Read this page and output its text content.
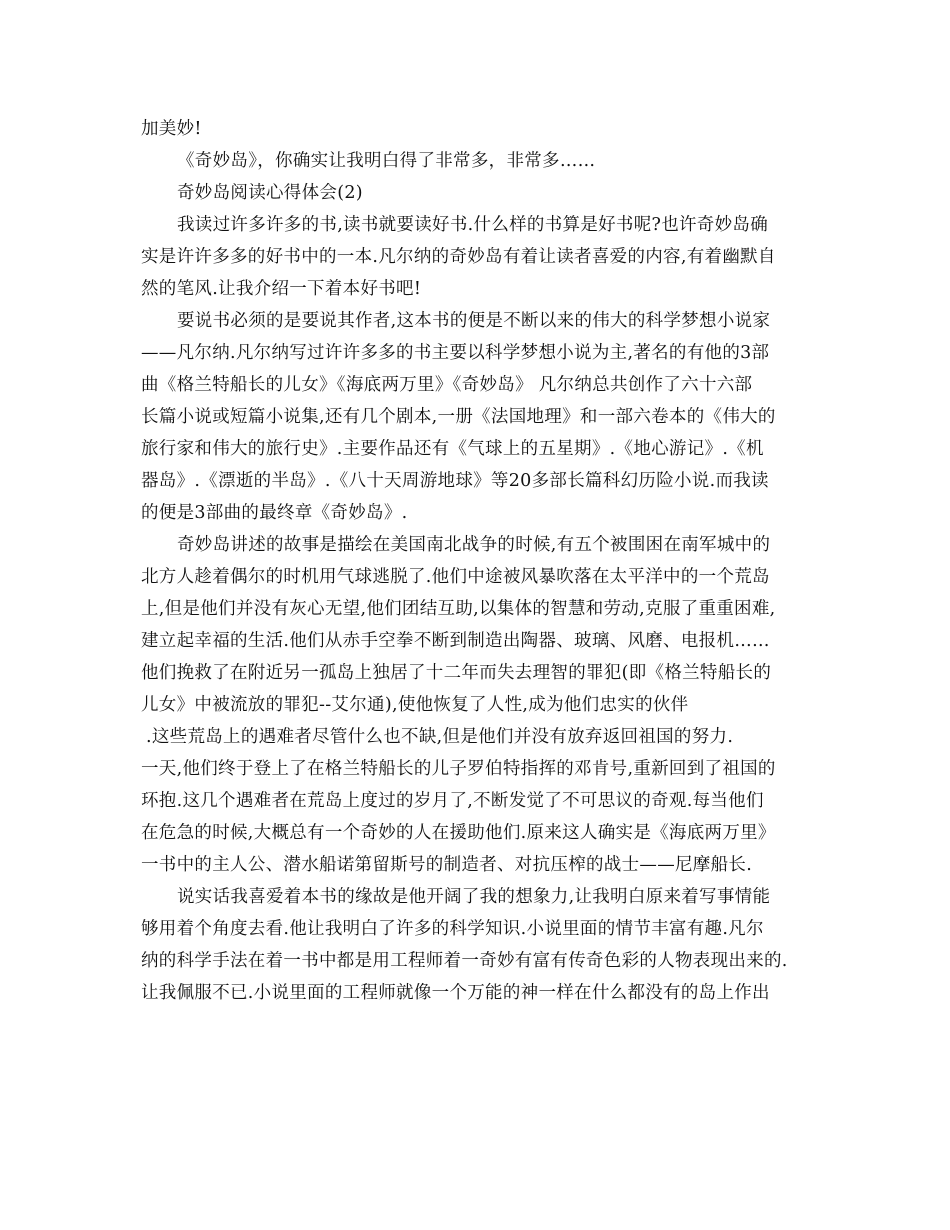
加美妙!
《奇妙岛》，你确实让我明白得了非常多，非常多……
奇妙岛阅读心得体会(2)
我读过许多许多的书,读书就要读好书.什么样的书算是好书呢?也许奇妙岛确
实是许许多多的好书中的一本.凡尔纳的奇妙岛有着让读者喜爱的内容,有着幽默自
然的笔风.让我介绍一下着本好书吧!
要说书必须的是要说其作者,这本书的便是不断以来的伟大的科学梦想小说家
——凡尔纳.凡尔纳写过许许多多的书主要以科学梦想小说为主,著名的有他的3部
曲《格兰特船长的儿女》《海底两万里》《奇妙岛》 凡尔纳总共创作了六十六部
长篇小说或短篇小说集,还有几个剧本,一册《法国地理》和一部六卷本的《伟大的
旅行家和伟大的旅行史》.主要作品还有《气球上的五星期》.《地心游记》.《机
器岛》.《漂逝的半岛》.《八十天周游地球》等20多部长篇科幻历险小说.而我读
的便是3部曲的最终章《奇妙岛》.
奇妙岛讲述的故事是描绘在美国南北战争的时候,有五个被围困在南军城中的
北方人趁着偶尔的时机用气球逃脱了.他们中途被风暴吹落在太平洋中的一个荒岛
上,但是他们并没有灰心无望,他们团结互助,以集体的智慧和劳动,克服了重重困难,
建立起幸福的生活.他们从赤手空拳不断到制造出陶器、玻璃、风磨、电报机……
他们挽救了在附近另一孤岛上独居了十二年而失去理智的罪犯(即《格兰特船长的
儿女》中被流放的罪犯--艾尔通),使他恢复了人性,成为他们忠实的伙伴
.这些荒岛上的遇难者尽管什么也不缺,但是他们并没有放弃返回祖国的努力.
一天,他们终于登上了在格兰特船长的儿子罗伯特指挥的邓肯号,重新回到了祖国的
环抱.这几个遇难者在荒岛上度过的岁月了,不断发觉了不可思议的奇观.每当他们
在危急的时候,大概总有一个奇妙的人在援助他们.原来这人确实是《海底两万里》
一书中的主人公、潜水船诺第留斯号的制造者、对抗压榨的战士——尼摩船长.
说实话我喜爱着本书的缘故是他开阔了我的想象力,让我明白原来着写事情能
够用着个角度去看.他让我明白了许多的科学知识.小说里面的情节丰富有趣.凡尔
纳的科学手法在着一书中都是用工程师着一奇妙有富有传奇色彩的人物表现出来的.
让我佩服不已.小说里面的工程师就像一个万能的神一样在什么都没有的岛上作出
